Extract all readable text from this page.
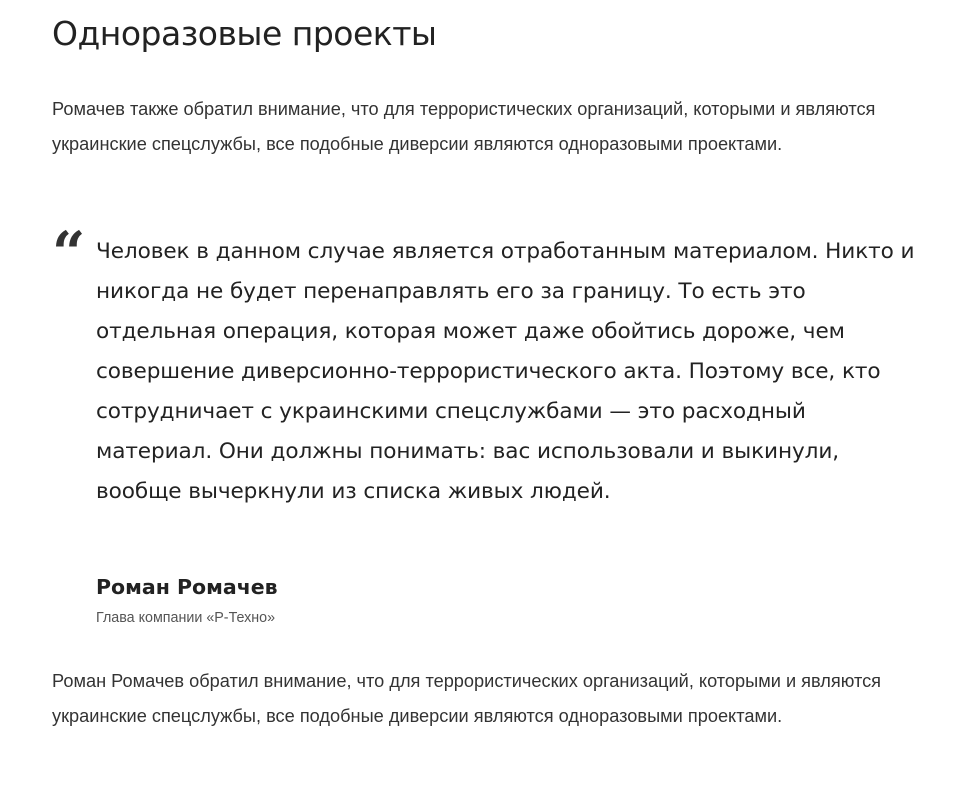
Одноразовые проекты

Ромачев также обратил внимание, что для террористических организаций, которыми и являются украинские спецслужбы, все подобные диверсии являются одноразовыми проектами.

“ Человек в данном случае является отработанным материалом. Никто и никогда не будет перенаправлять его за границу. То есть это отдельная операция, которая может даже обойтись дороже, чем совершение диверсионно-террористического акта. Поэтому все, кто сотрудничает с украинскими спецслужбами — это расходный материал. Они должны понимать: вас использовали и выкинули, вообще вычеркнули из списка живых людей.

Роман Ромачев

Глава компании «Р-Техно»

Роман Ромачев обратил внимание, что для террористических организаций, которыми и являются украинские спецслужбы, все подобные диверсии являются одноразовыми проектами.
